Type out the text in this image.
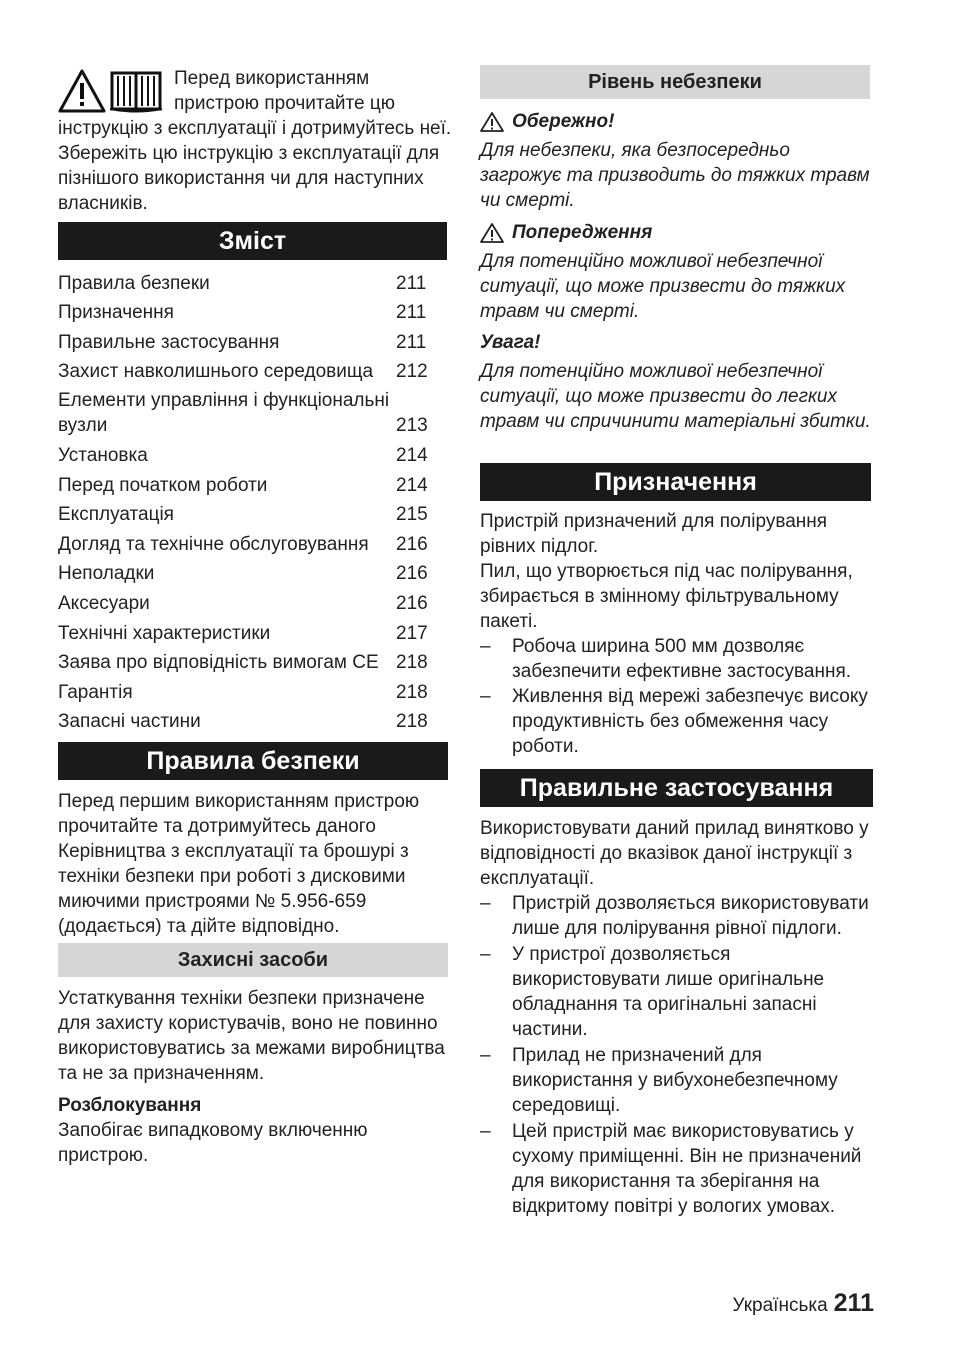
Перед використанням пристрою прочитайте цю інструкцію з експлуатації і дотримуйтесь неї. Збережіть цю інструкцію з експлуатації для пізнішого використання чи для наступних власників.

Зміст
Правила безпеки	211
Призначення	211
Правильне застосування	211
Захист навколишнього середовища	212
Елементи управління і функціональні вузли	213
Установка	214
Перед початком роботи	214
Експлуатація	215
Догляд та технічне обслуговування	216
Неполадки	216
Аксесуари	216
Технічні характеристики	217
Заява про відповідність вимогам CE 218
Гарантія	218
Запасні частини	218
Правила безпеки

Перед першим використанням пристрою прочитайте та дотримуйтесь даного Керівництва з експлуатації та брошурі з техніки безпеки при роботі з дисковими миючими пристроями № 5.956-659 (додається) та дійте відповідно.

Захисні засоби

Устаткування техніки безпеки призначене для захисту користувачів, воно не повинно використовуватись за межами виробництва та не за призначенням.

Розблокування

Запобігає випадковому включенню пристрою.

Рівень небезпеки
Обережно!

Для небезпеки, яка безпосередньо загрожує та призводить до тяжких травм чи смерті.

Попередження

Для потенційно можливої небезпечної ситуації, що може призвести до тяжких травм чи смерті.

Увага!

Для потенційно можливої небезпечної ситуації, що може призвести до легких травм чи спричинити матеріальні збитки.

Призначення

Пристрій призначений для полірування рівних підлог.

Пил, що утворюється під час полірування, збирається в змінному фільтрувальному пакеті.

– Робоча ширина 500 мм дозволяє забезпечити ефективне застосування.
– Живлення від мережі забезпечує високу продуктивність без обмеження часу роботи.
Правильне застосування

Використовувати даний прилад винятково у відповідності до вказівок даної інструкції з експлуатації.

– Пристрій дозволяється використовувати лише для полірування рівної підлоги.
– У пристрої дозволяється використовувати лише оригінальне обладнання та оригінальні запасні частини.
– Прилад не призначений для використання у вибухонебезпечному середовищі.
– Цей пристрій має використовуватись у сухому приміщенні. Він не призначений для використання та зберігання на відкритому повітрі у вологих умовах.
Українська 211
